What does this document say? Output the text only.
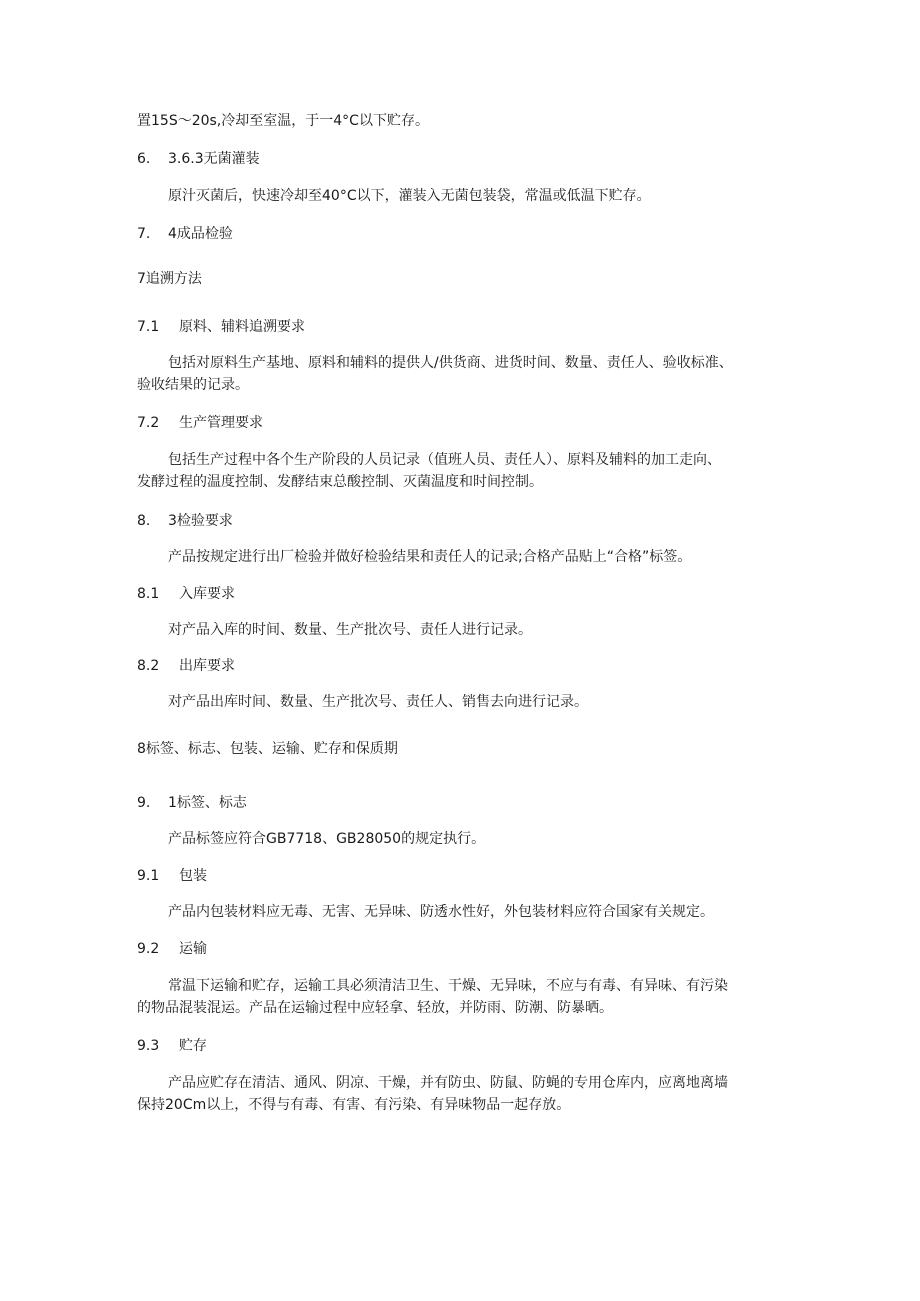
置15S～20s,冷却至室温，于一4°C以下贮存。
6. 3.6.3无菌灌装
原汁灭菌后，快速冷却至40°C以下，灌装入无菌包装袋，常温或低温下贮存。
7. 4成品检验
7追溯方法
7.1 原料、辅料追溯要求
包括对原料生产基地、原料和辅料的提供人/供货商、进货时间、数量、责任人、验收标准、
验收结果的记录。
7.2 生产管理要求
包括生产过程中各个生产阶段的人员记录（值班人员、责任人）、原料及辅料的加工走向、
发酵过程的温度控制、发酵结束总酸控制、灭菌温度和时间控制。
8. 3检验要求
产品按规定进行出厂检验并做好检验结果和责任人的记录;合格产品贴上“合格”标签。
8.1 入库要求
对产品入库的时间、数量、生产批次号、责任人进行记录。
8.2 出库要求
对产品出库时间、数量、生产批次号、责任人、销售去向进行记录。
8标签、标志、包装、运输、贮存和保质期
9. 1标签、标志
产品标签应符合GB7718、GB28050的规定执行。
9.1 包装
产品内包装材料应无毒、无害、无异味、防透水性好，外包装材料应符合国家有关规定。
9.2 运输
常温下运输和贮存，运输工具必须清洁卫生、干燥、无异味，不应与有毒、有异味、有污染
的物品混装混运。产品在运输过程中应轻拿、轻放，并防雨、防潮、防暴晒。
9.3 贮存
产品应贮存在清洁、通风、阴凉、干燥，并有防虫、防鼠、防蝇的专用仓库内，应离地离墙
保持20Cm以上，不得与有毒、有害、有污染、有异味物品一起存放。
